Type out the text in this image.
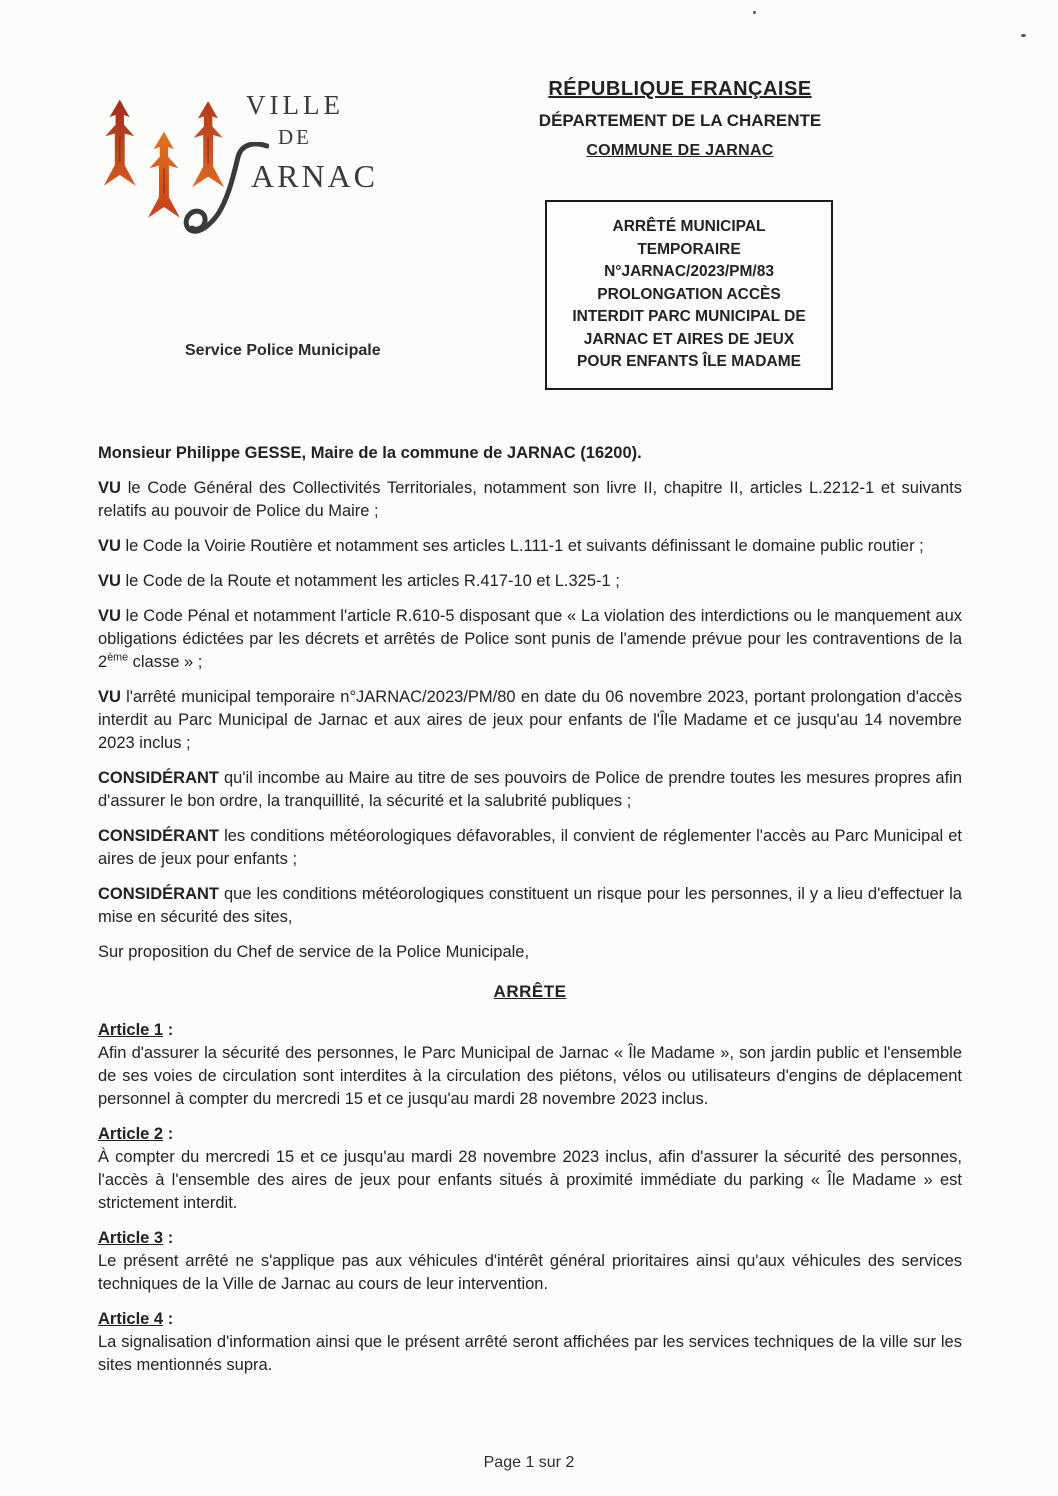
VILLE
DE
ARNAC
Service Police Municipale
RÉPUBLIQUE FRANÇAISE
DÉPARTEMENT DE LA CHARENTE
COMMUNE DE JARNAC
ARRÊTÉ MUNICIPAL
TEMPORAIRE
N°JARNAC/2023/PM/83
PROLONGATION ACCÈS
INTERDIT PARC MUNICIPAL DE
JARNAC ET AIRES DE JEUX
POUR ENFANTS ÎLE MADAME

Monsieur Philippe GESSE, Maire de la commune de JARNAC (16200).

VU le Code Général des Collectivités Territoriales, notamment son livre II, chapitre II, articles L.2212-1 et suivants relatifs au pouvoir de Police du Maire ;

VU le Code la Voirie Routière et notamment ses articles L.111-1 et suivants définissant le domaine public routier ;

VU le Code de la Route et notamment les articles R.417-10 et L.325-1 ;

VU le Code Pénal et notamment l'article R.610-5 disposant que « La violation des interdictions ou le manquement aux obligations édictées par les décrets et arrêtés de Police sont punis de l'amende prévue pour les contraventions de la 2ème classe » ;

VU l'arrêté municipal temporaire n°JARNAC/2023/PM/80 en date du 06 novembre 2023, portant prolongation d'accès interdit au Parc Municipal de Jarnac et aux aires de jeux pour enfants de l'Île Madame et ce jusqu'au 14 novembre 2023 inclus ;

CONSIDÉRANT qu'il incombe au Maire au titre de ses pouvoirs de Police de prendre toutes les mesures propres afin d'assurer le bon ordre, la tranquillité, la sécurité et la salubrité publiques ;

CONSIDÉRANT les conditions météorologiques défavorables, il convient de réglementer l'accès au Parc Municipal et aires de jeux pour enfants ;

CONSIDÉRANT que les conditions météorologiques constituent un risque pour les personnes, il y a lieu d'effectuer la mise en sécurité des sites,

Sur proposition du Chef de service de la Police Municipale,

ARRÊTE

Article 1 :

Afin d'assurer la sécurité des personnes, le Parc Municipal de Jarnac « Île Madame », son jardin public et l'ensemble de ses voies de circulation sont interdites à la circulation des piétons, vélos ou utilisateurs d'engins de déplacement personnel à compter du mercredi 15 et ce jusqu'au mardi 28 novembre 2023 inclus.

Article 2 :

À compter du mercredi 15 et ce jusqu'au mardi 28 novembre 2023 inclus, afin d'assurer la sécurité des personnes, l'accès à l'ensemble des aires de jeux pour enfants situés à proximité immédiate du parking « Île Madame » est strictement interdit.

Article 3 :

Le présent arrêté ne s'applique pas aux véhicules d'intérêt général prioritaires ainsi qu'aux véhicules des services techniques de la Ville de Jarnac au cours de leur intervention.

Article 4 :

La signalisation d'information ainsi que le présent arrêté seront affichées par les services techniques de la ville sur les sites mentionnés supra.

Page 1 sur 2
